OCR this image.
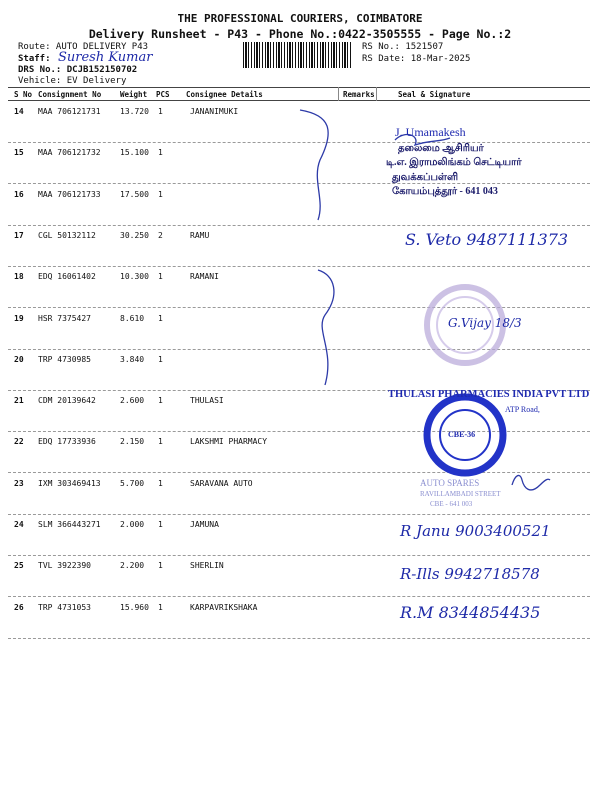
THE PROFESSIONAL COURIERS, COIMBATORE
Delivery Runsheet - P43 - Phone No.:0422-3505555 - Page No.:2
Route: AUTO DELIVERY P43
Staff: Suresh Kumar
DRS No.: DCJB152150702
Vehicle: EV Delivery
RS No.: 1521507
RS Date: 18-Mar-2025
S No Consignment No	Weight PCS Consignee Details	Remarks	Seal & Signature
14 MAA 706121731 13.720 1	JANANIMUKI
15 MAA 706121732 15.100 1
16 MAA 706121733 17.500 1
17 CGL 50132112	30.250 2	RAMU
18 EDQ 16061402	10.300 1	RAMANI
19 HSR 7375427	8.610 1
20 TRP 4730985	3.840 1
21 CDM 20139642	2.600 1	THULASI
22 EDQ 17733936	2.150 1	LAKSHMI PHARMACY
23 IXM 303469413 5.700 1	SARAVANA AUTO
24 SLM 366443271 2.000 1	JAMUNA
25 TVL 3922390	2.200 1	SHERLIN
26 TRP 4731053	15.960 1	KARPAVRIKSHAKA
J. Umamakesh
தலைமை ஆசிரியர்
டி.எ. இராமலிங்கம் செட்டியார்
துவக்கப்பள்ளி
கோயம்புத்தூர் - 641 043
S. Veto 9487111373
G.Vijay 18/3
THULASI PHARMACIES INDIA PVT LTD
ATP Road,
CBE-36
AUTO SPARES
RAVILLAMBADI STREET
CBE - 641 003
R Janu 9003400521
R-Ills 9942718578
R.M 8344854435
